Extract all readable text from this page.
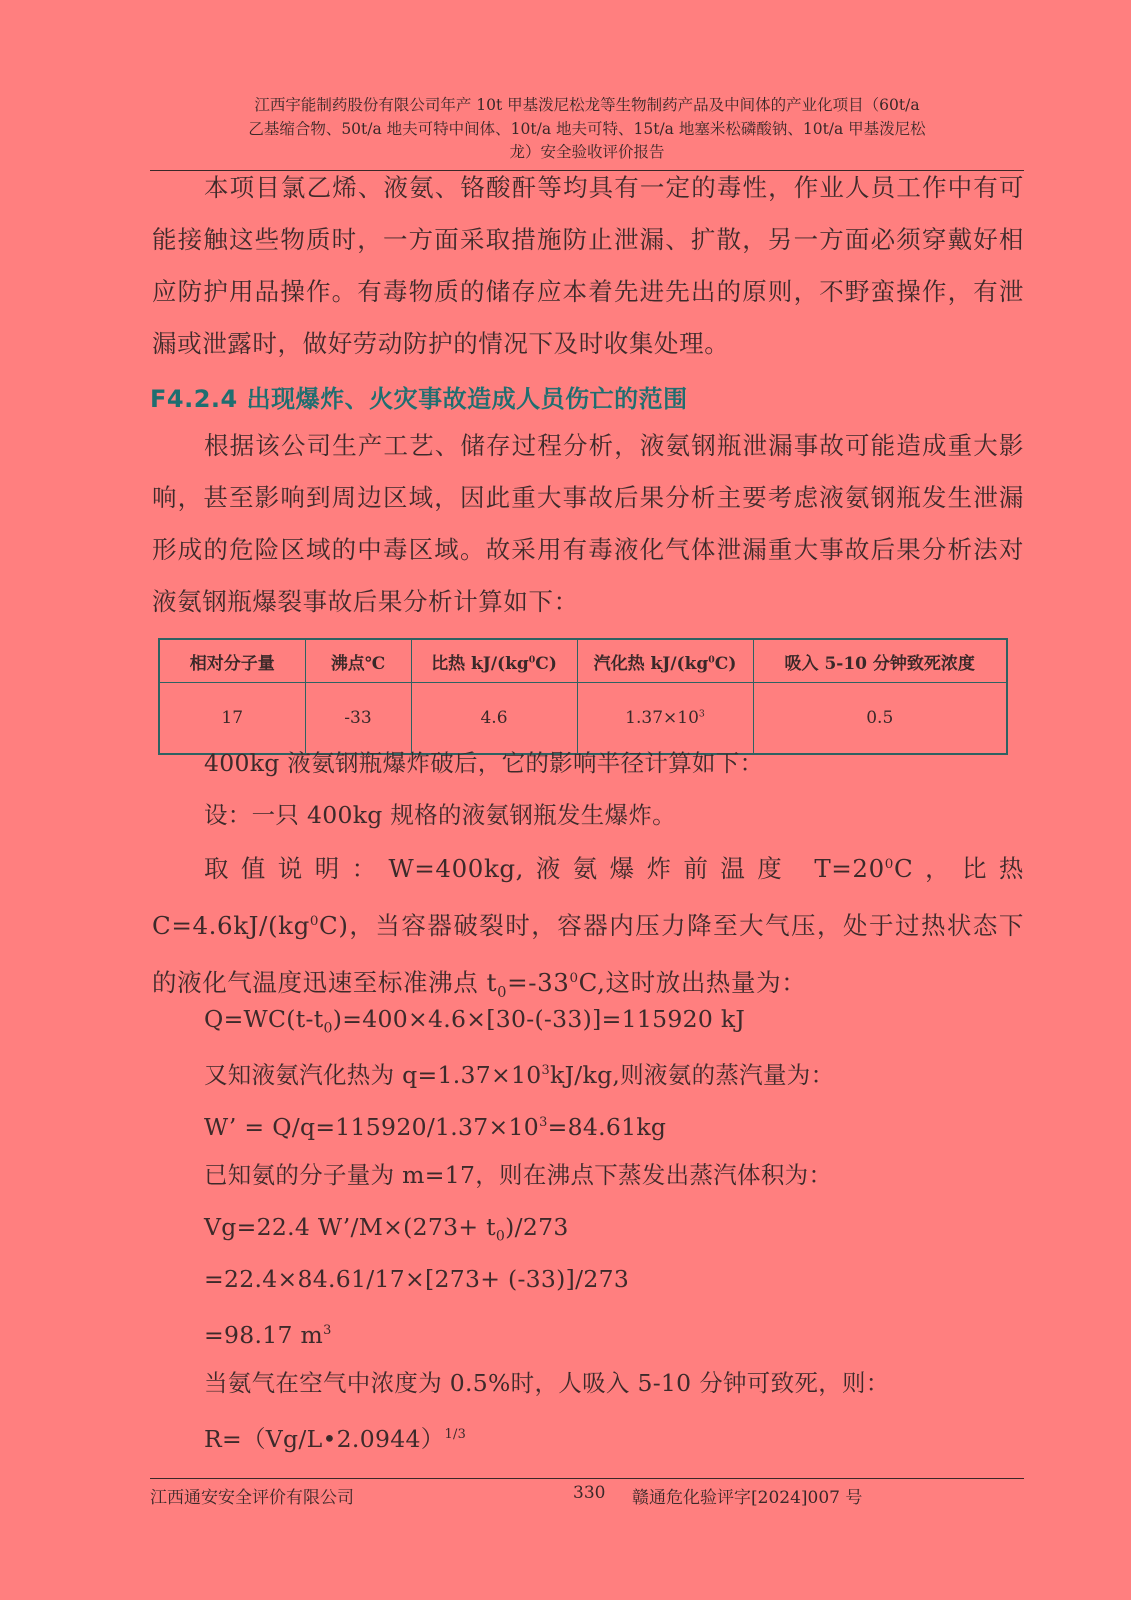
江西宇能制药股份有限公司年产 10t 甲基泼尼松龙等生物制药产品及中间体的产业化项目（60t/a
乙基缩合物、50t/a 地夫可特中间体、10t/a 地夫可特、15t/a 地塞米松磷酸钠、10t/a 甲基泼尼松
龙）安全验收评价报告
本项目氯乙烯、液氨、铬酸酐等均具有一定的毒性，作业人员工作中有可能接触这些物质时，一方面采取措施防止泄漏、扩散，另一方面必须穿戴好相应防护用品操作。有毒物质的储存应本着先进先出的原则，不野蛮操作，有泄漏或泄露时，做好劳动防护的情况下及时收集处理。
F4.2.4 出现爆炸、火灾事故造成人员伤亡的范围
根据该公司生产工艺、储存过程分析，液氨钢瓶泄漏事故可能造成重大影响，甚至影响到周边区域，因此重大事故后果分析主要考虑液氨钢瓶发生泄漏形成的危险区域的中毒区域。故采用有毒液化气体泄漏重大事故后果分析法对液氨钢瓶爆裂事故后果分析计算如下：
相对分子量	沸点℃	比热 $kJ/(kg^0C)$	汽化热 $kJ/(kg^0C)$	吸入 5-10 分钟致死浓度
17	-33	4.6	$1.37\times 10^3$	0.5
400kg 液氨钢瓶爆炸破后，它的影响半径计算如下：
设：一只 400kg 规格的液氨钢瓶发生爆炸。
取值说明：W=400kg,液氨爆炸前温度 $T=20^0C$，比热 $C=4.6kJ/(kg^0C)$，当容器破裂时，容器内压力降至大气压，处于过热状态下的液化气温度迅速至标准沸点 $t_0=-33^0C$,这时放出热量为：
$Q=WC(t-t_0)=400\times 4.6\times[30-(-33)]=115920$ kJ
又知液氨汽化热为 $q=1.37\times 10^3kJ/kg$,则液氨的蒸汽量为：
W’ = $Q/q=115920/1.37\times 10^3=84.61kg$
已知氨的分子量为 m=17，则在沸点下蒸发出蒸汽体积为：
Vg=22.4 W’/M×(273+ $t_0)/273$
=22.4×84.61/17×[273+ (-33)]/273
=98.17 $m^3$
当氨气在空气中浓度为 0.5%时，人吸入 5-10 分钟可致死，则：
R=（Vg/L•2.0944）$^{1/3}$
江西通安安全评价有限公司	330 赣通危化验评字[2024]007 号
